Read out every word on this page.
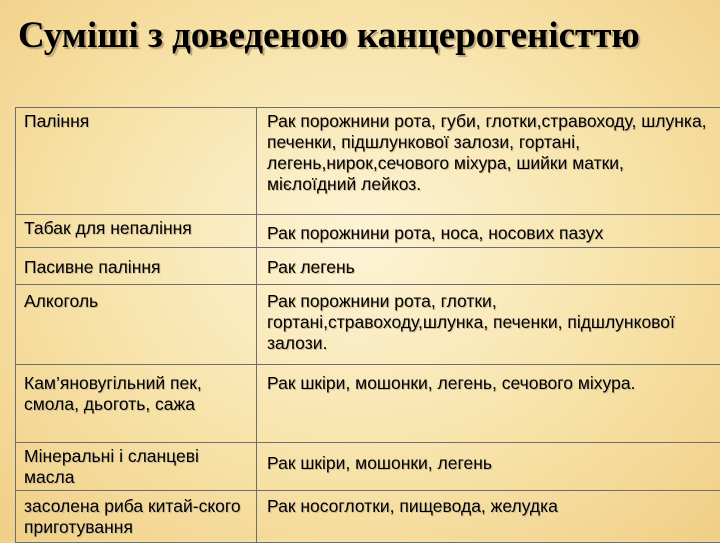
Суміші з доведеною канцерогеністтю
Паління	Рак порожнини рота, губи, глотки,стравоходу, шлунка, печенки, підшлункової залози, гортані, легень,нирок,сечового міхура, шийки матки, мієлоїдний лейкоз.
Табак для непаління	Рак порожнини рота, носа, носових пазух
Пасивне паління	Рак легень
Алкоголь	Рак порожнини рота, глотки, гортані,стравоходу,шлунка, печенки, підшлункової залози.
Кам’яновугільний пек, смола, дьоготь, сажа	Рак шкіри, мошонки, легень, сечового міхура.
Мінеральні і сланцеві масла	Рак шкіри, мошонки, легень
засолена риба китай-ского приготування	Рак носоглотки, пищевода, желудка
